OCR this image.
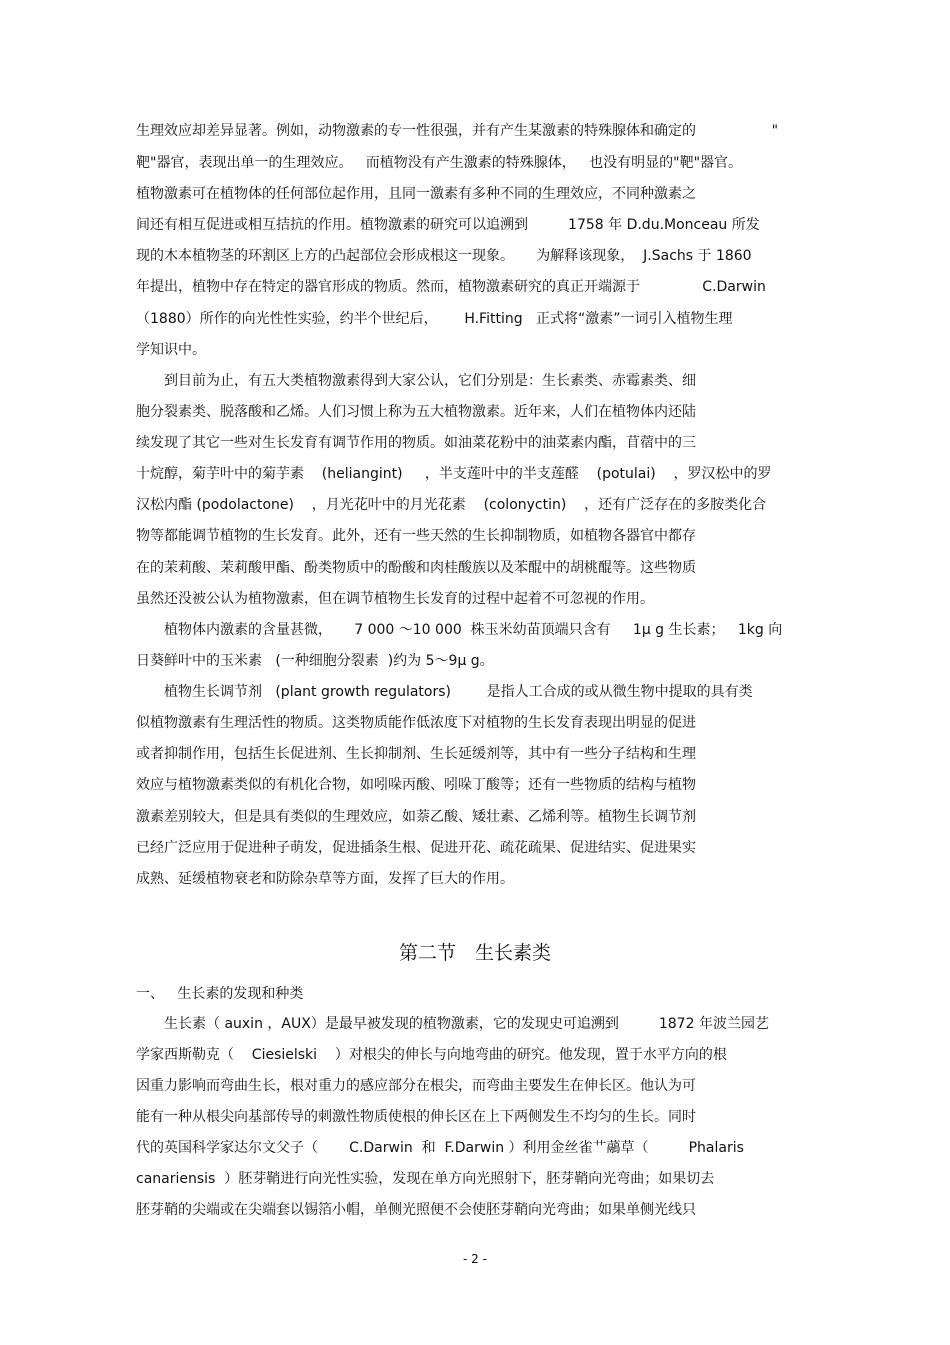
生理效应却差异显著。例如，动物激素的专一性很强，并有产生某激素的特殊腺体和确定的                 "
靶"器官，表现出单一的生理效应。   而植物没有产生激素的特殊腺体，   也没有明显的"靶"器官。
植物激素可在植物体的任何部位起作用，且同一激素有多种不同的生理效应，不同种激素之
间还有相互促进或相互拮抗的作用。植物激素的研究可以追溯到         1758 年 D.du.Monceau 所发
现的木本植物茎的环割区上方的凸起部位会形成根这一现象。     为解释该现象，  J.Sachs 于 1860
年提出，植物中存在特定的器官形成的物质。然而，植物激素研究的真正开端源于              C.Darwin
（1880）所作的向光性性实验，约半个世纪后，      H.Fitting   正式将“激素”一词引入植物生理
学知识中。
　　到目前为止，有五大类植物激素得到大家公认，它们分别是：生长素类、赤霉素类、细
胞分裂素类、脱落酸和乙烯。人们习惯上称为五大植物激素。近年来，人们在植物体内还陆
续发现了其它一些对生长发育有调节作用的物质。如油菜花粉中的油菜素内酯，苜蓿中的三
十烷醇，菊芋叶中的菊芋素    (heliangint)     ，半支莲叶中的半支莲醛    (potulai)    ，罗汉松中的罗
汉松内酯 (podolactone)    ，月光花叶中的月光花素    (colonyctin)    ，还有广泛存在的多胺类化合
物等都能调节植物的生长发育。此外，还有一些天然的生长抑制物质，如植物各器官中都存
在的茉莉酸、茉莉酸甲酯、酚类物质中的酚酸和肉桂酸族以及苯醌中的胡桃醌等。这些物质
虽然还没被公认为植物激素，但在调节植物生长发育的过程中起着不可忽视的作用。
　　植物体内激素的含量甚微，     7 000 ～10 000  株玉米幼苗顶端只含有     1μ g 生长素；   1kg 向
日葵鲜叶中的玉米素   (一种细胞分裂素  )约为 5～9μ g。
　　植物生长调节剂   (plant growth regulators)        是指人工合成的或从微生物中提取的具有类
似植物激素有生理活性的物质。这类物质能作低浓度下对植物的生长发育表现出明显的促进
或者抑制作用，包括生长促进剂、生长抑制剂、生长延缓剂等，其中有一些分子结构和生理
效应与植物激素类似的有机化合物，如吲哚丙酸、吲哚丁酸等；还有一些物质的结构与植物
激素差别较大，但是具有类似的生理效应，如萘乙酸、矮壮素、乙烯利等。植物生长调节剂
已经广泛应用于促进种子萌发，促进插条生根、促进开花、疏花疏果、促进结实、促进果实
成熟、延缓植物衰老和防除杂草等方面，发挥了巨大的作用。
第二节　生长素类
一、   生长素的发现和种类
　　生长素（ auxin ，AUX）是最早被发现的植物激素，它的发现史可追溯到         1872 年波兰园艺
学家西斯勒克（    Ciesielski    ）对根尖的伸长与向地弯曲的研究。他发现，置于水平方向的根
因重力影响而弯曲生长，根对重力的感应部分在根尖，而弯曲主要发生在伸长区。他认为可
能有一种从根尖向基部传导的刺激性物质使根的伸长区在上下两侧发生不均匀的生长。同时
代的英国科学家达尔文父子（       C.Darwin  和  F.Darwin ）利用金丝雀艹虉草（         Phalaris
canariensis  ）胚芽鞘进行向光性实验，发现在单方向光照射下，胚芽鞘向光弯曲；如果切去
胚芽鞘的尖端或在尖端套以锡箔小帽，单侧光照便不会使胚芽鞘向光弯曲；如果单侧光线只
- 2 -
